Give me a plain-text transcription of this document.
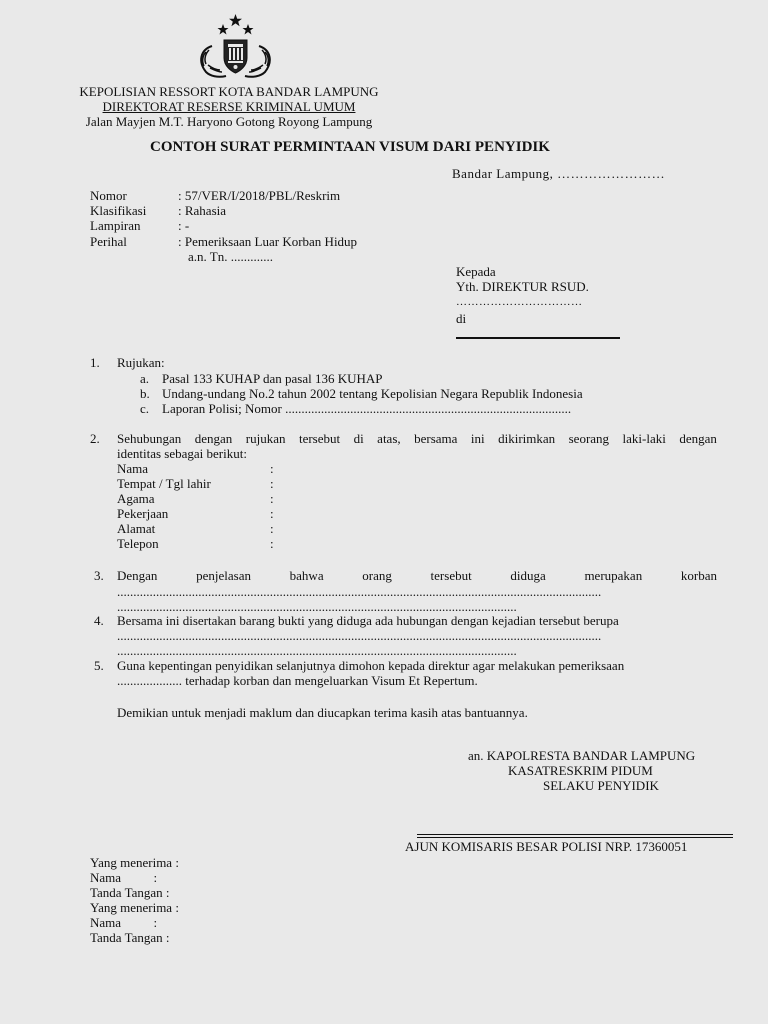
KEPOLISIAN RESSORT KOTA BANDAR LAMPUNG
DIREKTORAT RESERSE KRIMINAL UMUM
Jalan Mayjen M.T. Haryono Gotong Royong Lampung
CONTOH SURAT PERMINTAAN VISUM DARI PENYIDIK
Bandar Lampung, ……………………
Nomor	: 57/VER/I/2018/PBL/Reskrim
Klasifikasi : Rahasia
Lampiran	: -
Perihal	: Pemeriksaan Luar Korban Hidup
a.n. Tn. .............
Kepada
Yth. DIREKTUR RSUD.
……………………………
di
1. Rujukan:
a. Pasal 133 KUHAP dan pasal 136 KUHAP
b. Undang-undang No.2 tahun 2002 tentang Kepolisian Negara Republik Indonesia
c. Laporan Polisi; Nomor ........................................................................................
2. Sehubungan dengan rujukan tersebut di atas, bersama ini dikirimkan seorang laki-laki dengan
identitas sebagai berikut:
Nama	:
Tempat / Tgl lahir	:
Agama	:
Pekerjaan	:
Alamat	:
Telepon	:
3. Dengan	penjelasan	bahwa	orang	tersebut	diduga	merupakan	korban
.....................................................................................................................................................
...........................................................................................................................
4. Bersama ini disertakan barang bukti yang diduga ada hubungan dengan kejadian tersebut berupa
.....................................................................................................................................................
...........................................................................................................................
5. Guna kepentingan penyidikan selanjutnya dimohon kepada direktur agar melakukan pemeriksaan
.................... terhadap korban dan mengeluarkan Visum Et Repertum.
Demikian untuk menjadi maklum dan diucapkan terima kasih atas bantuannya.
an. KAPOLRESTA BANDAR LAMPUNG
KASATRESKRIM PIDUM
SELAKU PENYIDIK
AJUN KOMISARIS BESAR POLISI NRP. 17360051
Yang menerima :
Nama          :
Tanda Tangan :
Yang menerima :
Nama          :
Tanda Tangan :
